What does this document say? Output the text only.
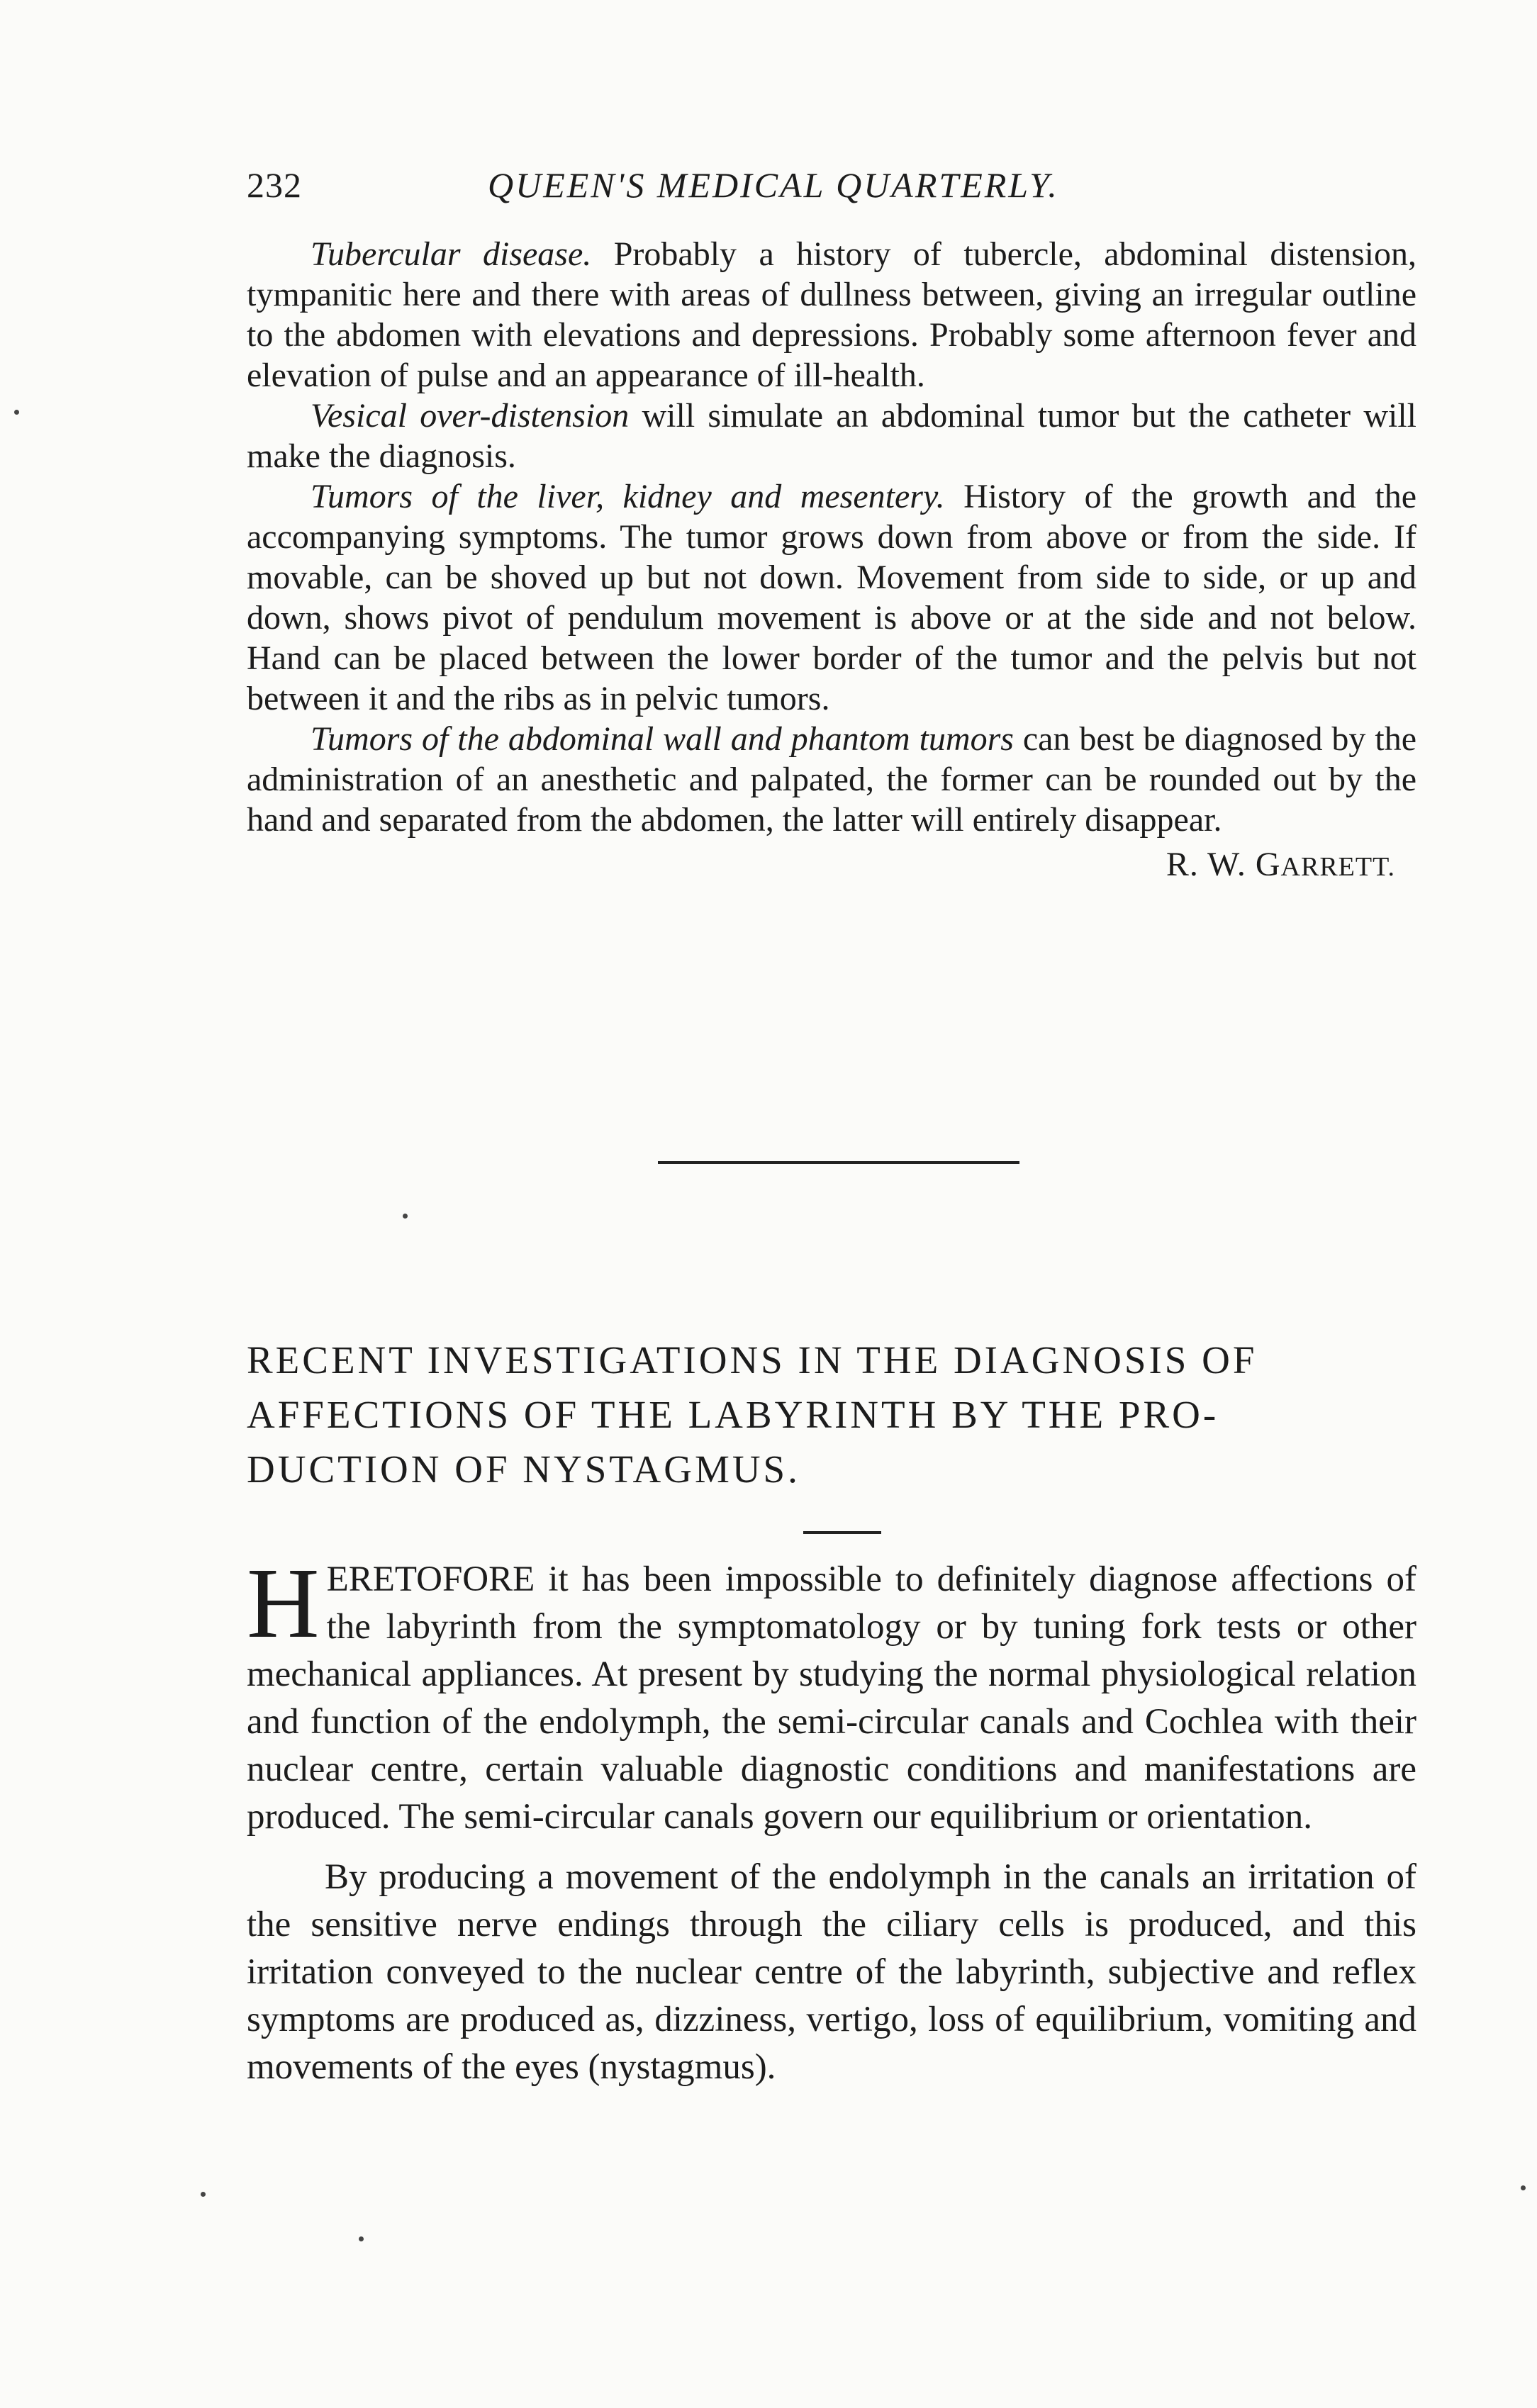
232	QUEEN'S MEDICAL QUARTERLY.

Tubercular disease. Probably a history of tubercle, abdominal distension, tympanitic here and there with areas of dullness between, giving an irregular outline to the abdomen with elevations and depressions. Probably some afternoon fever and elevation of pulse and an appearance of ill-health.

Vesical over-distension will simulate an abdominal tumor but the catheter will make the diagnosis.

Tumors of the liver, kidney and mesentery. History of the growth and the accompanying symptoms. The tumor grows down from above or from the side. If movable, can be shoved up but not down. Movement from side to side, or up and down, shows pivot of pendulum movement is above or at the side and not below. Hand can be placed between the lower border of the tumor and the pelvis but not between it and the ribs as in pelvic tumors.

Tumors of the abdominal wall and phantom tumors can best be diagnosed by the administration of an anesthetic and palpated, the former can be rounded out by the hand and separated from the abdomen, the latter will entirely disappear.

R. W. GARRETT.
RECENT INVESTIGATIONS IN THE DIAGNOSIS OF
AFFECTIONS OF THE LABYRINTH BY THE PRO-
DUCTION OF NYSTAGMUS.

HERETOFORE it has been impossible to definitely diagnose affections of the labyrinth from the symptomatology or by tuning fork tests or other mechanical appliances. At present by studying the normal physiological relation and function of the endolymph, the semi-circular canals and Cochlea with their nuclear centre, certain valuable diagnostic conditions and manifestations are produced. The semi-circular canals govern our equilibrium or orientation.

By producing a movement of the endolymph in the canals an irritation of the sensitive nerve endings through the ciliary cells is produced, and this irritation conveyed to the nuclear centre of the labyrinth, subjective and reflex symptoms are produced as, dizziness, vertigo, loss of equilibrium, vomiting and movements of the eyes (nystagmus).
